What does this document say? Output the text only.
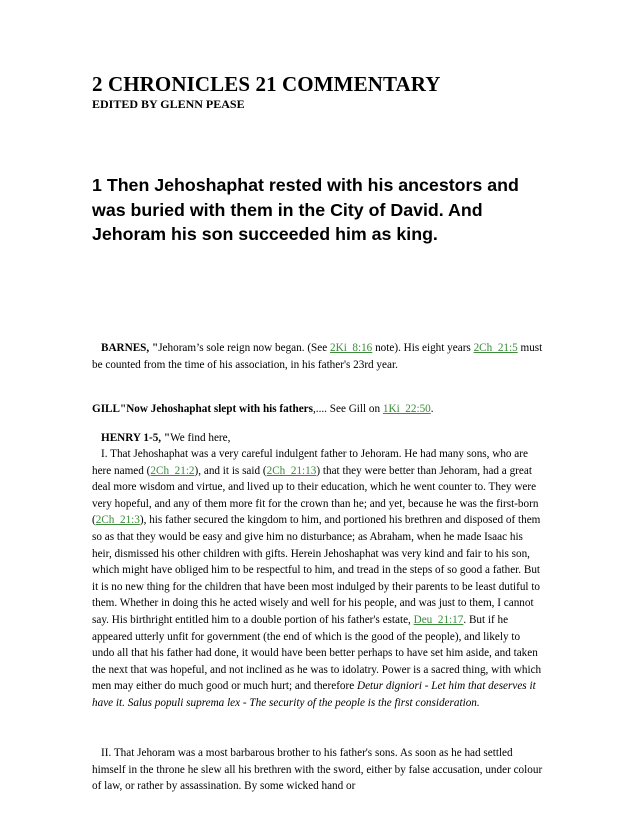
2 CHRONICLES 21 COMMENTARY
EDITED BY GLENN PEASE

1 Then Jehoshaphat rested with his ancestors and was buried with them in the City of David. And Jehoram his son succeeded him as king.

BARNES, "Jehoram’s sole reign now began. (See 2Ki_8:16 note). His eight years 2Ch_21:5 must be counted from the time of his association, in his father's 23rd year.

GILL"Now Jehoshaphat slept with his fathers,.... See Gill on 1Ki_22:50.

HENRY 1-5, "We find here,

I. That Jehoshaphat was a very careful indulgent father to Jehoram. He had many sons, who are here named (2Ch_21:2), and it is said (2Ch_21:13) that they were better than Jehoram, had a great deal more wisdom and virtue, and lived up to their education, which he went counter to. They were very hopeful, and any of them more fit for the crown than he; and yet, because he was the first-born (2Ch_21:3), his father secured the kingdom to him, and portioned his brethren and disposed of them so as that they would be easy and give him no disturbance; as Abraham, when he made Isaac his heir, dismissed his other children with gifts. Herein Jehoshaphat was very kind and fair to his son, which might have obliged him to be respectful to him, and tread in the steps of so good a father. But it is no new thing for the children that have been most indulged by their parents to be least dutiful to them. Whether in doing this he acted wisely and well for his people, and was just to them, I cannot say. His birthright entitled him to a double portion of his father's estate, Deu_21:17. But if he appeared utterly unfit for government (the end of which is the good of the people), and likely to undo all that his father had done, it would have been better perhaps to have set him aside, and taken the next that was hopeful, and not inclined as he was to idolatry. Power is a sacred thing, with which men may either do much good or much hurt; and therefore Detur digniori - Let him that deserves it have it. Salus populi suprema lex - The security of the people is the first consideration.

II. That Jehoram was a most barbarous brother to his father's sons. As soon as he had settled himself in the throne he slew all his brethren with the sword, either by false accusation, under colour of law, or rather by assassination. By some wicked hand or
